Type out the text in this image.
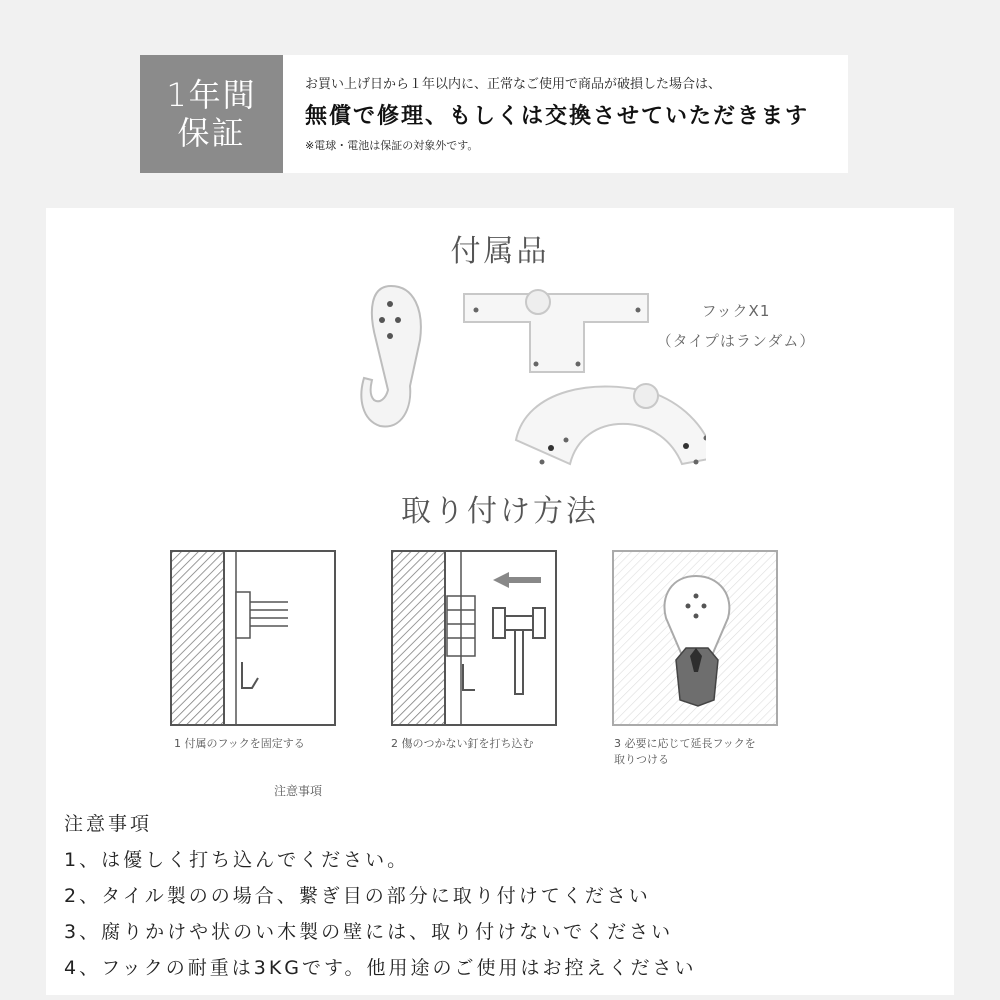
1年間
保証
お買い上げ日から１年以内に、正常なご使用で商品が破損した場合は、
無償で修理、もしくは交換させていただきます
※電球・電池は保証の対象外です。
付属品
フックX1
（タイプはランダム）
取り付け方法
1 付属のフックを固定する	2 傷のつかない釘を打ち込む	3 必要に応じて延長フックを
取りつける
注意事項
注意事項
1、は優しく打ち込んでください。
2、タイル製のの場合、繋ぎ目の部分に取り付けてください
3、腐りかけや状のい木製の壁には、取り付けないでください
4、フックの耐重は3KGです。他用途のご使用はお控えください
